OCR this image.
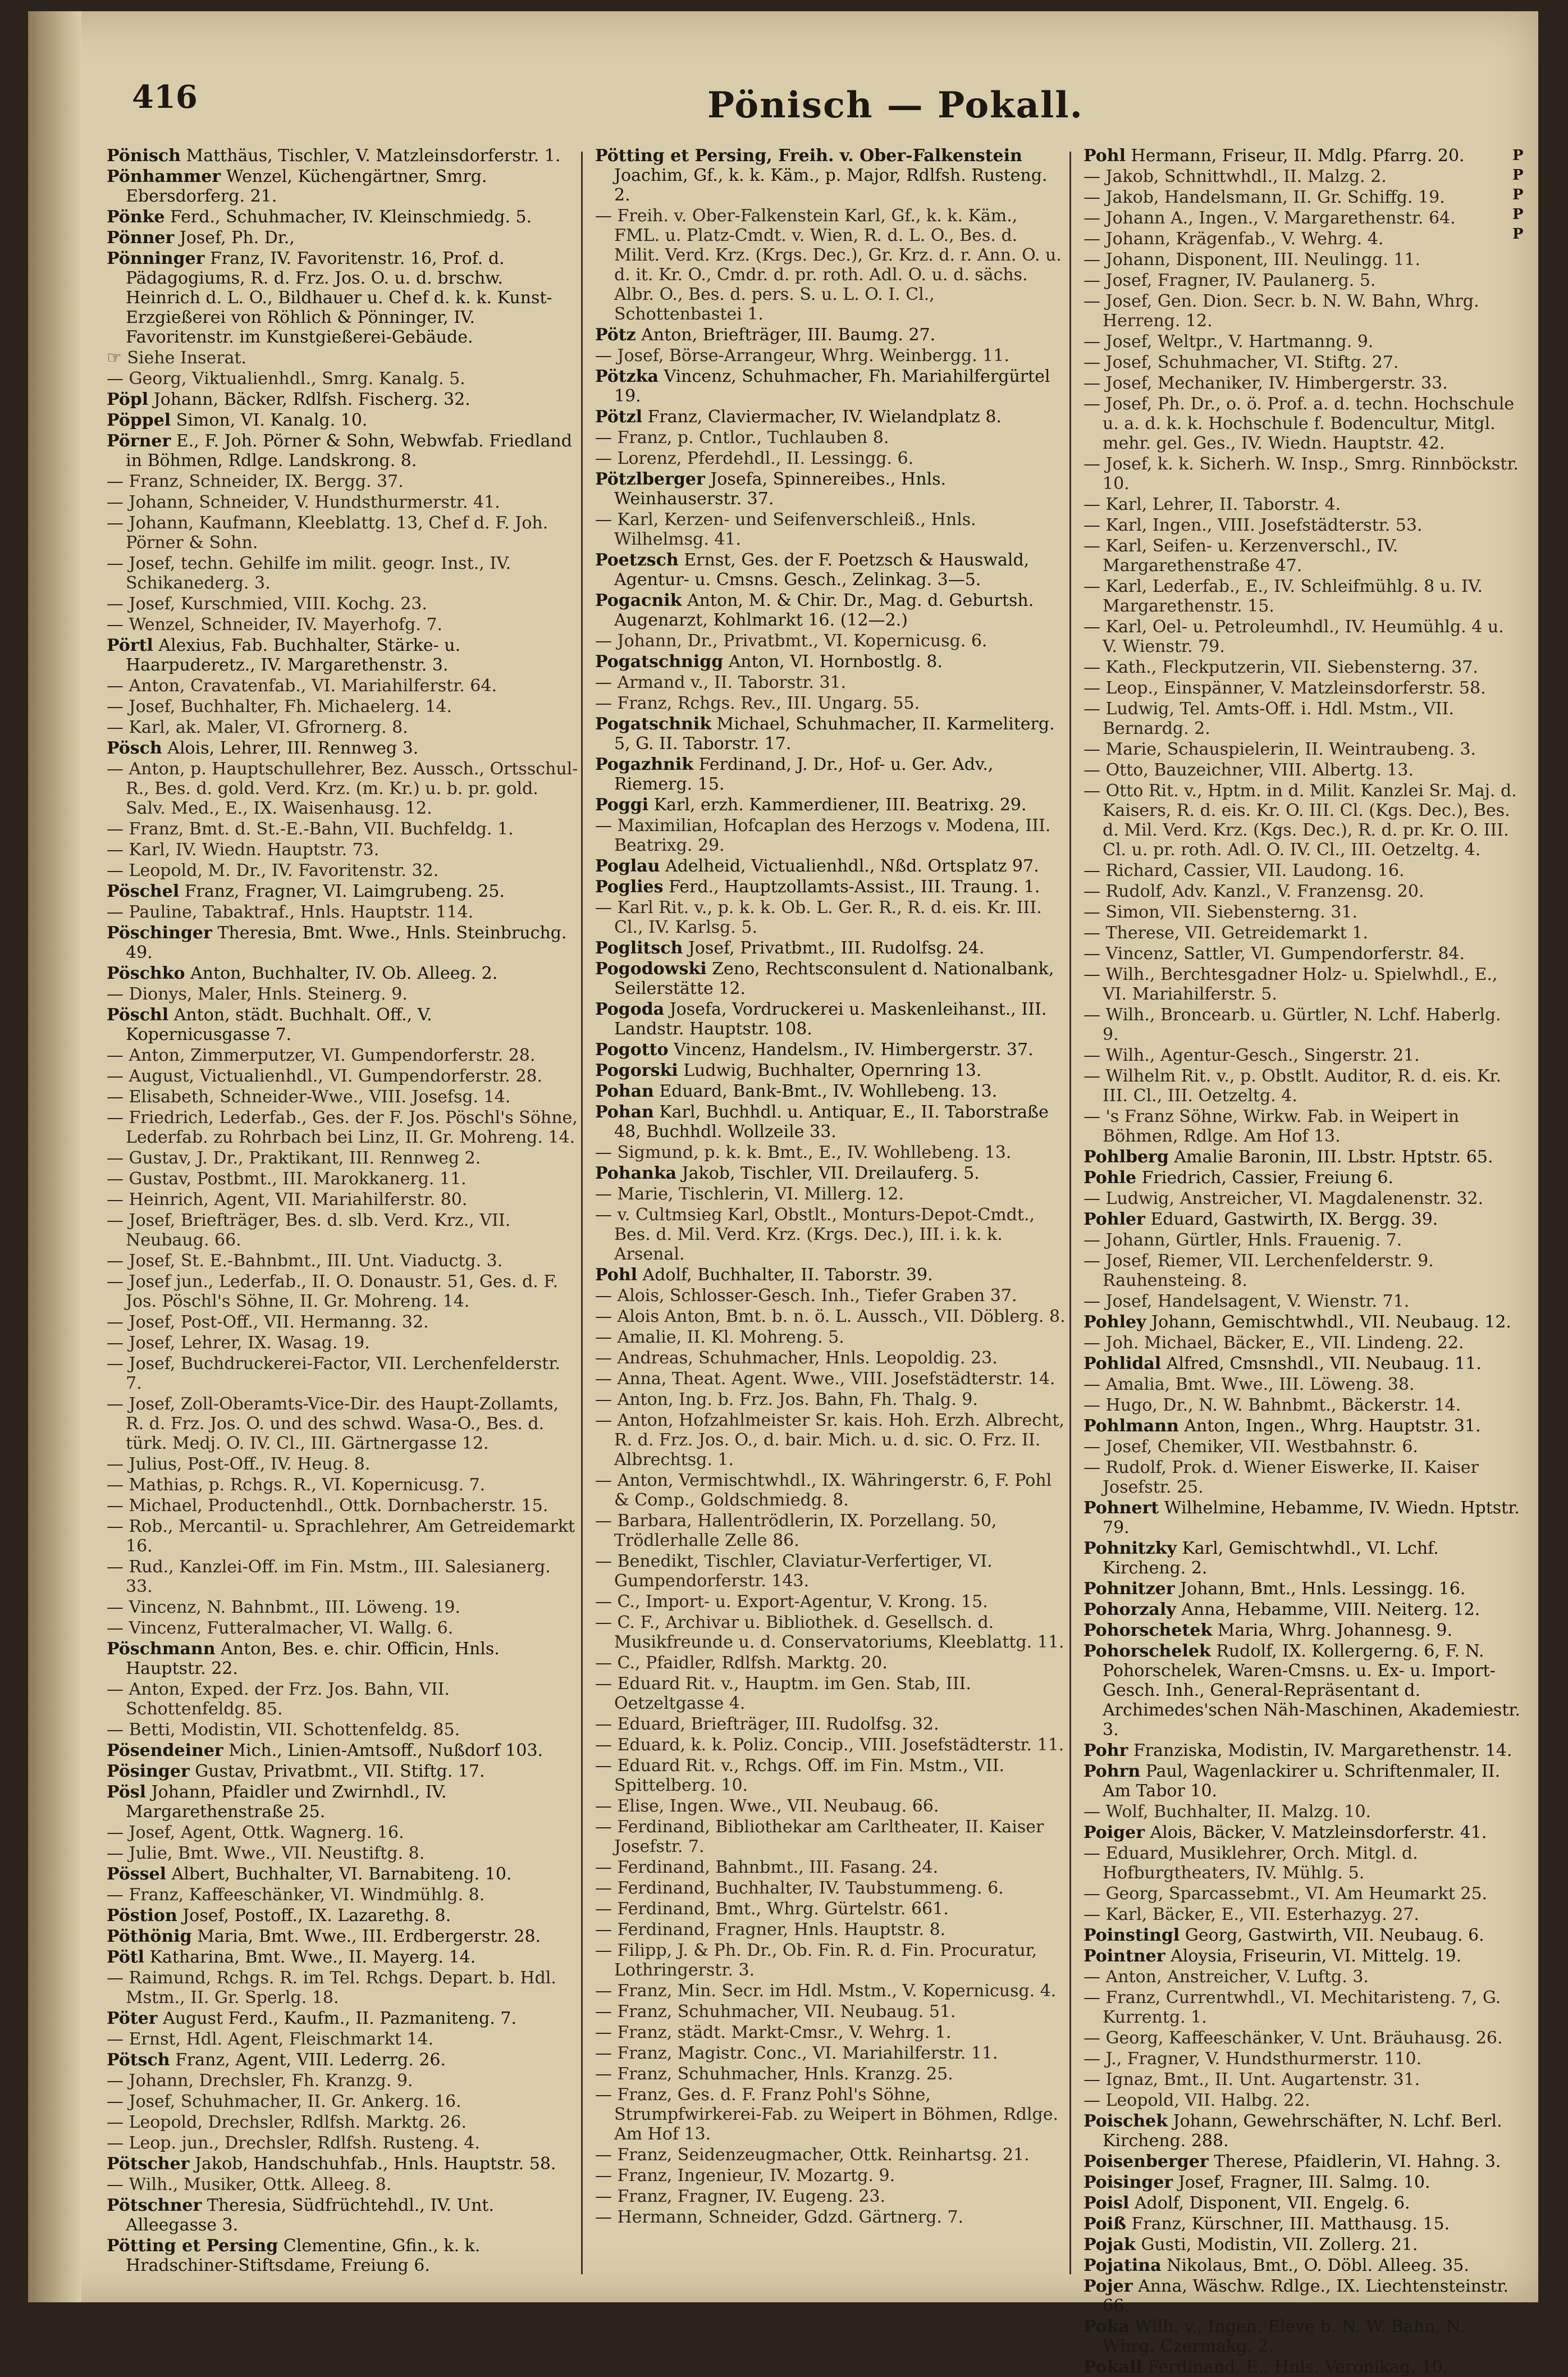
416	Pönisch — Pokall.
Pönisch Matthäus, Tischler, V. Matzleinsdorferstr. 1.
Pönhammer Wenzel, Küchengärtner, Smrg. Ebersdorferg. 21.
Pönke Ferd., Schuhmacher, IV. Kleinschmiedg. 5.
Pönner Josef, Ph. Dr.,
Pönninger Franz, IV. Favoritenstr. 16, Prof. d. Pädagogiums, R. d. Frz. Jos. O. u. d. brschw. Heinrich d. L. O., Bildhauer u. Chef d. k. k. Kunst-Erzgießerei von Röhlich & Pönninger, IV. Favoritenstr. im Kunstgießerei-Gebäude.
☞ Siehe Inserat.
— Georg, Viktualienhdl., Smrg. Kanalg. 5.
Pöpl Johann, Bäcker, Rdlfsh. Fischerg. 32.
Pöppel Simon, VI. Kanalg. 10.
Pörner E., F. Joh. Pörner & Sohn, Webwfab. Friedland in Böhmen, Rdlge. Landskrong. 8.
— Franz, Schneider, IX. Bergg. 37.
— Johann, Schneider, V. Hundsthurmerstr. 41.
— Johann, Kaufmann, Kleeblattg. 13, Chef d. F. Joh. Pörner & Sohn.
— Josef, techn. Gehilfe im milit. geogr. Inst., IV. Schikanederg. 3.
— Josef, Kurschmied, VIII. Kochg. 23.
— Wenzel, Schneider, IV. Mayerhofg. 7.
Pörtl Alexius, Fab. Buchhalter, Stärke- u. Haarpuderetz., IV. Margarethenstr. 3.
— Anton, Cravatenfab., VI. Mariahilferstr. 64.
— Josef, Buchhalter, Fh. Michaelerg. 14.
— Karl, ak. Maler, VI. Gfrornerg. 8.
Pösch Alois, Lehrer, III. Rennweg 3.
— Anton, p. Hauptschullehrer, Bez. Aussch., Ortsschul-R., Bes. d. gold. Verd. Krz. (m. Kr.) u. b. pr. gold. Salv. Med., E., IX. Waisenhausg. 12.
— Franz, Bmt. d. St.-E.-Bahn, VII. Buchfeldg. 1.
— Karl, IV. Wiedn. Hauptstr. 73.
— Leopold, M. Dr., IV. Favoritenstr. 32.
Pöschel Franz, Fragner, VI. Laimgrubeng. 25.
— Pauline, Tabaktraf., Hnls. Hauptstr. 114.
Pöschinger Theresia, Bmt. Wwe., Hnls. Steinbruchg. 49.
Pöschko Anton, Buchhalter, IV. Ob. Alleeg. 2.
— Dionys, Maler, Hnls. Steinerg. 9.
Pöschl Anton, städt. Buchhalt. Off., V. Kopernicusgasse 7.
— Anton, Zimmerputzer, VI. Gumpendorferstr. 28.
— August, Victualienhdl., VI. Gumpendorferstr. 28.
— Elisabeth, Schneider-Wwe., VIII. Josefsg. 14.
— Friedrich, Lederfab., Ges. der F. Jos. Pöschl's Söhne, Lederfab. zu Rohrbach bei Linz, II. Gr. Mohreng. 14.
— Gustav, J. Dr., Praktikant, III. Rennweg 2.
— Gustav, Postbmt., III. Marokkanerg. 11.
— Heinrich, Agent, VII. Mariahilferstr. 80.
— Josef, Briefträger, Bes. d. slb. Verd. Krz., VII. Neubaug. 66.
— Josef, St. E.-Bahnbmt., III. Unt. Viaductg. 3.
— Josef jun., Lederfab., II. O. Donaustr. 51, Ges. d. F. Jos. Pöschl's Söhne, II. Gr. Mohreng. 14.
— Josef, Post-Off., VII. Hermanng. 32.
— Josef, Lehrer, IX. Wasag. 19.
— Josef, Buchdruckerei-Factor, VII. Lerchenfelderstr. 7.
— Josef, Zoll-Oberamts-Vice-Dir. des Haupt-Zollamts, R. d. Frz. Jos. O. und des schwd. Wasa-O., Bes. d. türk. Medj. O. IV. Cl., III. Gärtnergasse 12.
— Julius, Post-Off., IV. Heug. 8.
— Mathias, p. Rchgs. R., VI. Kopernicusg. 7.
— Michael, Productenhdl., Ottk. Dornbacherstr. 15.
— Rob., Mercantil- u. Sprachlehrer, Am Getreidemarkt 16.
— Rud., Kanzlei-Off. im Fin. Mstm., III. Salesianerg. 33.
— Vincenz, N. Bahnbmt., III. Löweng. 19.
— Vincenz, Futteralmacher, VI. Wallg. 6.
Pöschmann Anton, Bes. e. chir. Officin, Hnls. Hauptstr. 22.
— Anton, Exped. der Frz. Jos. Bahn, VII. Schottenfeldg. 85.
— Betti, Modistin, VII. Schottenfeldg. 85.
Pösendeiner Mich., Linien-Amtsoff., Nußdorf 103.
Pösinger Gustav, Privatbmt., VII. Stiftg. 17.
Pösl Johann, Pfaidler und Zwirnhdl., IV. Margarethenstraße 25.
— Josef, Agent, Ottk. Wagnerg. 16.
— Julie, Bmt. Wwe., VII. Neustiftg. 8.
Pössel Albert, Buchhalter, VI. Barnabiteng. 10.
— Franz, Kaffeeschänker, VI. Windmühlg. 8.
Pöstion Josef, Postoff., IX. Lazarethg. 8.
Pöthönig Maria, Bmt. Wwe., III. Erdbergerstr. 28.
Pötl Katharina, Bmt. Wwe., II. Mayerg. 14.
— Raimund, Rchgs. R. im Tel. Rchgs. Depart. b. Hdl. Mstm., II. Gr. Sperlg. 18.
Pöter August Ferd., Kaufm., II. Pazmaniteng. 7.
— Ernst, Hdl. Agent, Fleischmarkt 14.
Pötsch Franz, Agent, VIII. Lederrg. 26.
— Johann, Drechsler, Fh. Kranzg. 9.
— Josef, Schuhmacher, II. Gr. Ankerg. 16.
— Leopold, Drechsler, Rdlfsh. Marktg. 26.
— Leop. jun., Drechsler, Rdlfsh. Rusteng. 4.
Pötscher Jakob, Handschuhfab., Hnls. Hauptstr. 58.
— Wilh., Musiker, Ottk. Alleeg. 8.
Pötschner Theresia, Südfrüchtehdl., IV. Unt. Alleegasse 3.
Pötting et Persing Clementine, Gfin., k. k. Hradschiner-Stiftsdame, Freiung 6.
Pötting et Persing, Freih. v. Ober-Falkenstein Joachim, Gf., k. k. Käm., p. Major, Rdlfsh. Rusteng. 2.
— Freih. v. Ober-Falkenstein Karl, Gf., k. k. Käm., FML. u. Platz-Cmdt. v. Wien, R. d. L. O., Bes. d. Milit. Verd. Krz. (Krgs. Dec.), Gr. Krz. d. r. Ann. O. u. d. it. Kr. O., Cmdr. d. pr. roth. Adl. O. u. d. sächs. Albr. O., Bes. d. pers. S. u. L. O. I. Cl., Schottenbastei 1.
Pötz Anton, Briefträger, III. Baumg. 27.
— Josef, Börse-Arrangeur, Whrg. Weinbergg. 11.
Pötzka Vincenz, Schuhmacher, Fh. Mariahilfergürtel 19.
Pötzl Franz, Claviermacher, IV. Wielandplatz 8.
— Franz, p. Cntlor., Tuchlauben 8.
— Lorenz, Pferdehdl., II. Lessingg. 6.
Pötzlberger Josefa, Spinnereibes., Hnls. Weinhauserstr. 37.
— Karl, Kerzen- und Seifenverschleiß., Hnls. Wilhelmsg. 41.
Poetzsch Ernst, Ges. der F. Poetzsch & Hauswald, Agentur- u. Cmsns. Gesch., Zelinkag. 3—5.
Pogacnik Anton, M. & Chir. Dr., Mag. d. Geburtsh. Augenarzt, Kohlmarkt 16. (12—2.)
— Johann, Dr., Privatbmt., VI. Kopernicusg. 6.
Pogatschnigg Anton, VI. Hornbostlg. 8.
— Armand v., II. Taborstr. 31.
— Franz, Rchgs. Rev., III. Ungarg. 55.
Pogatschnik Michael, Schuhmacher, II. Karmeliterg. 5, G. II. Taborstr. 17.
Pogazhnik Ferdinand, J. Dr., Hof- u. Ger. Adv., Riemerg. 15.
Poggi Karl, erzh. Kammerdiener, III. Beatrixg. 29.
— Maximilian, Hofcaplan des Herzogs v. Modena, III. Beatrixg. 29.
Poglau Adelheid, Victualienhdl., Nßd. Ortsplatz 97.
Poglies Ferd., Hauptzollamts-Assist., III. Traung. 1.
— Karl Rit. v., p. k. k. Ob. L. Ger. R., R. d. eis. Kr. III. Cl., IV. Karlsg. 5.
Poglitsch Josef, Privatbmt., III. Rudolfsg. 24.
Pogodowski Zeno, Rechtsconsulent d. Nationalbank, Seilerstätte 12.
Pogoda Josefa, Vordruckerei u. Maskenleihanst., III. Landstr. Hauptstr. 108.
Pogotto Vincenz, Handelsm., IV. Himbergerstr. 37.
Pogorski Ludwig, Buchhalter, Opernring 13.
Pohan Eduard, Bank-Bmt., IV. Wohllebeng. 13.
Pohan Karl, Buchhdl. u. Antiquar, E., II. Taborstraße 48, Buchhdl. Wollzeile 33.
— Sigmund, p. k. k. Bmt., E., IV. Wohllebeng. 13.
Pohanka Jakob, Tischler, VII. Dreilauferg. 5.
— Marie, Tischlerin, VI. Millerg. 12.
— v. Cultmsieg Karl, Obstlt., Monturs-Depot-Cmdt., Bes. d. Mil. Verd. Krz. (Krgs. Dec.), III. i. k. k. Arsenal.
Pohl Adolf, Buchhalter, II. Taborstr. 39.
— Alois, Schlosser-Gesch. Inh., Tiefer Graben 37.
— Alois Anton, Bmt. b. n. ö. L. Aussch., VII. Döblerg. 8.
— Amalie, II. Kl. Mohreng. 5.
— Andreas, Schuhmacher, Hnls. Leopoldig. 23.
— Anna, Theat. Agent. Wwe., VIII. Josefstädterstr. 14.
— Anton, Ing. b. Frz. Jos. Bahn, Fh. Thalg. 9.
— Anton, Hofzahlmeister Sr. kais. Hoh. Erzh. Albrecht, R. d. Frz. Jos. O., d. bair. Mich. u. d. sic. O. Frz. II. Albrechtsg. 1.
— Anton, Vermischtwhdl., IX. Währingerstr. 6, F. Pohl & Comp., Goldschmiedg. 8.
— Barbara, Hallentrödlerin, IX. Porzellang. 50, Trödlerhalle Zelle 86.
— Benedikt, Tischler, Claviatur-Verfertiger, VI. Gumpendorferstr. 143.
— C., Import- u. Export-Agentur, V. Krong. 15.
— C. F., Archivar u. Bibliothek. d. Gesellsch. d. Musikfreunde u. d. Conservatoriums, Kleeblattg. 11.
— C., Pfaidler, Rdlfsh. Marktg. 20.
— Eduard Rit. v., Hauptm. im Gen. Stab, III. Oetzeltgasse 4.
— Eduard, Briefträger, III. Rudolfsg. 32.
— Eduard, k. k. Poliz. Concip., VIII. Josefstädterstr. 11.
— Eduard Rit. v., Rchgs. Off. im Fin. Mstm., VII. Spittelberg. 10.
— Elise, Ingen. Wwe., VII. Neubaug. 66.
— Ferdinand, Bibliothekar am Carltheater, II. Kaiser Josefstr. 7.
— Ferdinand, Bahnbmt., III. Fasang. 24.
— Ferdinand, Buchhalter, IV. Taubstummeng. 6.
— Ferdinand, Bmt., Whrg. Gürtelstr. 661.
— Ferdinand, Fragner, Hnls. Hauptstr. 8.
— Filipp, J. & Ph. Dr., Ob. Fin. R. d. Fin. Procuratur, Lothringerstr. 3.
— Franz, Min. Secr. im Hdl. Mstm., V. Kopernicusg. 4.
— Franz, Schuhmacher, VII. Neubaug. 51.
— Franz, städt. Markt-Cmsr., V. Wehrg. 1.
— Franz, Magistr. Conc., VI. Mariahilferstr. 11.
— Franz, Schuhmacher, Hnls. Kranzg. 25.
— Franz, Ges. d. F. Franz Pohl's Söhne, Strumpfwirkerei-Fab. zu Weipert in Böhmen, Rdlge. Am Hof 13.
— Franz, Seidenzeugmacher, Ottk. Reinhartsg. 21.
— Franz, Ingenieur, IV. Mozartg. 9.
— Franz, Fragner, IV. Eugeng. 23.
— Hermann, Schneider, Gdzd. Gärtnerg. 7.
Pohl Hermann, Friseur, II. Mdlg. Pfarrg. 20.
— Jakob, Schnittwhdl., II. Malzg. 2.
— Jakob, Handelsmann, II. Gr. Schiffg. 19.
— Johann A., Ingen., V. Margarethenstr. 64.
— Johann, Krägenfab., V. Wehrg. 4.
— Johann, Disponent, III. Neulingg. 11.
— Josef, Fragner, IV. Paulanerg. 5.
— Josef, Gen. Dion. Secr. b. N. W. Bahn, Whrg. Herreng. 12.
— Josef, Weltpr., V. Hartmanng. 9.
— Josef, Schuhmacher, VI. Stiftg. 27.
— Josef, Mechaniker, IV. Himbergerstr. 33.
— Josef, Ph. Dr., o. ö. Prof. a. d. techn. Hochschule u. a. d. k. k. Hochschule f. Bodencultur, Mitgl. mehr. gel. Ges., IV. Wiedn. Hauptstr. 42.
— Josef, k. k. Sicherh. W. Insp., Smrg. Rinnböckstr. 10.
— Karl, Lehrer, II. Taborstr. 4.
— Karl, Ingen., VIII. Josefstädterstr. 53.
— Karl, Seifen- u. Kerzenverschl., IV. Margarethenstraße 47.
— Karl, Lederfab., E., IV. Schleifmühlg. 8 u. IV. Margarethenstr. 15.
— Karl, Oel- u. Petroleumhdl., IV. Heumühlg. 4 u. V. Wienstr. 79.
— Kath., Fleckputzerin, VII. Siebensterng. 37.
— Leop., Einspänner, V. Matzleinsdorferstr. 58.
— Ludwig, Tel. Amts-Off. i. Hdl. Mstm., VII. Bernardg. 2.
— Marie, Schauspielerin, II. Weintraubeng. 3.
— Otto, Bauzeichner, VIII. Albertg. 13.
— Otto Rit. v., Hptm. in d. Milit. Kanzlei Sr. Maj. d. Kaisers, R. d. eis. Kr. O. III. Cl. (Kgs. Dec.), Bes. d. Mil. Verd. Krz. (Kgs. Dec.), R. d. pr. Kr. O. III. Cl. u. pr. roth. Adl. O. IV. Cl., III. Oetzeltg. 4.
— Richard, Cassier, VII. Laudong. 16.
— Rudolf, Adv. Kanzl., V. Franzensg. 20.
— Simon, VII. Siebensterng. 31.
— Therese, VII. Getreidemarkt 1.
— Vincenz, Sattler, VI. Gumpendorferstr. 84.
— Wilh., Berchtesgadner Holz- u. Spielwhdl., E., VI. Mariahilferstr. 5.
— Wilh., Broncearb. u. Gürtler, N. Lchf. Haberlg. 9.
— Wilh., Agentur-Gesch., Singerstr. 21.
— Wilhelm Rit. v., p. Obstlt. Auditor, R. d. eis. Kr. III. Cl., III. Oetzeltg. 4.
— 's Franz Söhne, Wirkw. Fab. in Weipert in Böhmen, Rdlge. Am Hof 13.
Pohlberg Amalie Baronin, III. Lbstr. Hptstr. 65.
Pohle Friedrich, Cassier, Freiung 6.
— Ludwig, Anstreicher, VI. Magdalenenstr. 32.
Pohler Eduard, Gastwirth, IX. Bergg. 39.
— Johann, Gürtler, Hnls. Frauenig. 7.
— Josef, Riemer, VII. Lerchenfelderstr. 9. Rauhensteing. 8.
— Josef, Handelsagent, V. Wienstr. 71.
Pohley Johann, Gemischtwhdl., VII. Neubaug. 12.
— Joh. Michael, Bäcker, E., VII. Lindeng. 22.
Pohlidal Alfred, Cmsnshdl., VII. Neubaug. 11.
— Amalia, Bmt. Wwe., III. Löweng. 38.
— Hugo, Dr., N. W. Bahnbmt., Bäckerstr. 14.
Pohlmann Anton, Ingen., Whrg. Hauptstr. 31.
— Josef, Chemiker, VII. Westbahnstr. 6.
— Rudolf, Prok. d. Wiener Eiswerke, II. Kaiser Josefstr. 25.
Pohnert Wilhelmine, Hebamme, IV. Wiedn. Hptstr. 79.
Pohnitzky Karl, Gemischtwhdl., VI. Lchf. Kircheng. 2.
Pohnitzer Johann, Bmt., Hnls. Lessingg. 16.
Pohorzaly Anna, Hebamme, VIII. Neiterg. 12.
Pohorschetek Maria, Whrg. Johannesg. 9.
Pohorschelek Rudolf, IX. Kollergerng. 6, F. N. Pohorschelek, Waren-Cmsns. u. Ex- u. Import-Gesch. Inh., General-Repräsentant d. Archimedes'schen Näh-Maschinen, Akademiestr. 3.
Pohr Franziska, Modistin, IV. Margarethenstr. 14.
Pohrn Paul, Wagenlackirer u. Schriftenmaler, II. Am Tabor 10.
— Wolf, Buchhalter, II. Malzg. 10.
Poiger Alois, Bäcker, V. Matzleinsdorferstr. 41.
— Eduard, Musiklehrer, Orch. Mitgl. d. Hofburgtheaters, IV. Mühlg. 5.
— Georg, Sparcassebmt., VI. Am Heumarkt 25.
— Karl, Bäcker, E., VII. Esterhazyg. 27.
Poinstingl Georg, Gastwirth, VII. Neubaug. 6.
Pointner Aloysia, Friseurin, VI. Mittelg. 19.
— Anton, Anstreicher, V. Luftg. 3.
— Franz, Currentwhdl., VI. Mechitaristeng. 7, G. Kurrentg. 1.
— Georg, Kaffeeschänker, V. Unt. Bräuhausg. 26.
— J., Fragner, V. Hundsthurmerstr. 110.
— Ignaz, Bmt., II. Unt. Augartenstr. 31.
— Leopold, VII. Halbg. 22.
Poischek Johann, Gewehrschäfter, N. Lchf. Berl. Kircheng. 288.
Poisenberger Therese, Pfaidlerin, VI. Hahng. 3.
Poisinger Josef, Fragner, III. Salmg. 10.
Poisl Adolf, Disponent, VII. Engelg. 6.
Poiß Franz, Kürschner, III. Matthausg. 15.
Pojak Gusti, Modistin, VII. Zollerg. 21.
Pojatina Nikolaus, Bmt., O. Döbl. Alleeg. 35.
Pojer Anna, Wäschw. Rdlge., IX. Liechtensteinstr. 66.
Poka Wilh. v., Ingen. Eleve b. N. W. Bahn, N. Whrg. Czermakg. 2.
Pokall Ferdinand, E., Hnls. Veronikag. 10.
P
P
P
P
P
